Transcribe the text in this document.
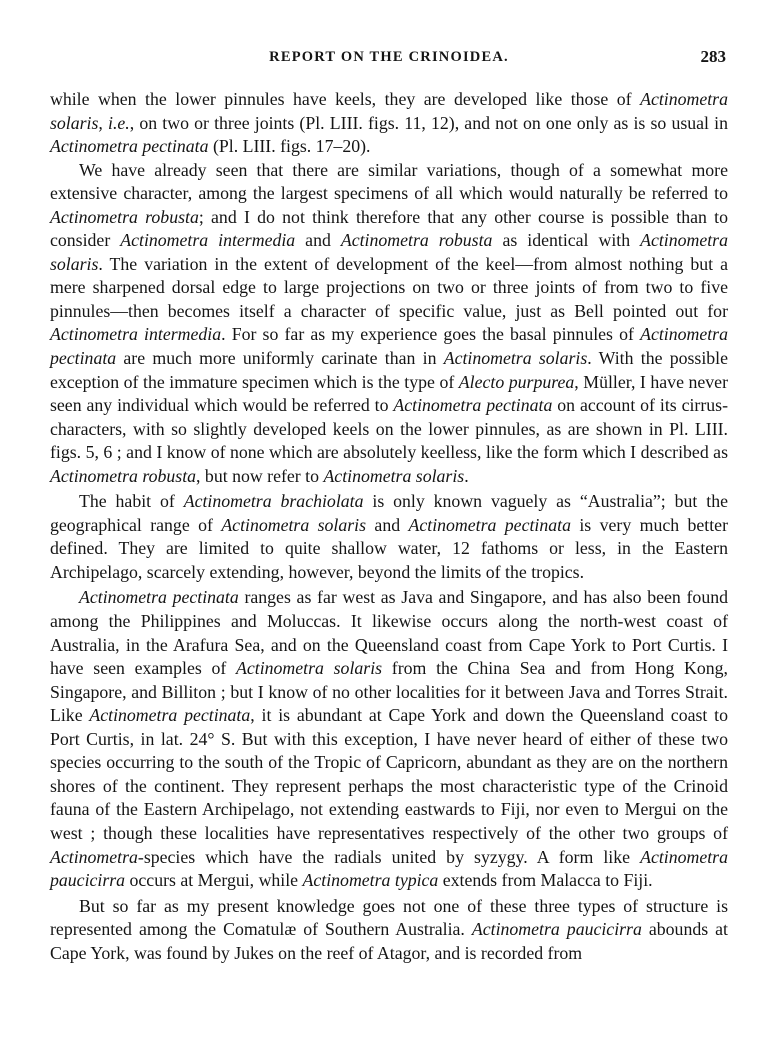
REPORT ON THE CRINOIDEA.	283

while when the lower pinnules have keels, they are developed like those of Actinometra solaris, i.e., on two or three joints (Pl. LIII. figs. 11, 12), and not on one only as is so usual in Actinometra pectinata (Pl. LIII. figs. 17–20).

We have already seen that there are similar variations, though of a somewhat more extensive character, among the largest specimens of all which would naturally be referred to Actinometra robusta; and I do not think therefore that any other course is possible than to consider Actinometra intermedia and Actinometra robusta as identical with Actinometra solaris. The variation in the extent of development of the keel—from almost nothing but a mere sharpened dorsal edge to large projections on two or three joints of from two to five pinnules—then becomes itself a character of specific value, just as Bell pointed out for Actinometra intermedia. For so far as my experience goes the basal pinnules of Actinometra pectinata are much more uniformly carinate than in Actinometra solaris. With the possible exception of the immature specimen which is the type of Alecto purpurea, Müller, I have never seen any individual which would be referred to Actinometra pectinata on account of its cirrus-characters, with so slightly developed keels on the lower pinnules, as are shown in Pl. LIII. figs. 5, 6 ; and I know of none which are absolutely keelless, like the form which I described as Actinometra robusta, but now refer to Actinometra solaris.

The habit of Actinometra brachiolata is only known vaguely as “Australia”; but the geographical range of Actinometra solaris and Actinometra pectinata is very much better defined. They are limited to quite shallow water, 12 fathoms or less, in the Eastern Archipelago, scarcely extending, however, beyond the limits of the tropics.

Actinometra pectinata ranges as far west as Java and Singapore, and has also been found among the Philippines and Moluccas. It likewise occurs along the north-west coast of Australia, in the Arafura Sea, and on the Queensland coast from Cape York to Port Curtis. I have seen examples of Actinometra solaris from the China Sea and from Hong Kong, Singapore, and Billiton ; but I know of no other localities for it between Java and Torres Strait. Like Actinometra pectinata, it is abundant at Cape York and down the Queensland coast to Port Curtis, in lat. 24° S. But with this exception, I have never heard of either of these two species occurring to the south of the Tropic of Capricorn, abundant as they are on the northern shores of the continent. They represent perhaps the most characteristic type of the Crinoid fauna of the Eastern Archipelago, not extending eastwards to Fiji, nor even to Mergui on the west ; though these localities have representatives respectively of the other two groups of Actinometra-species which have the radials united by syzygy. A form like Actinometra paucicirra occurs at Mergui, while Actinometra typica extends from Malacca to Fiji.

But so far as my present knowledge goes not one of these three types of structure is represented among the Comatulæ of Southern Australia. Actinometra paucicirra abounds at Cape York, was found by Jukes on the reef of Atagor, and is recorded from
